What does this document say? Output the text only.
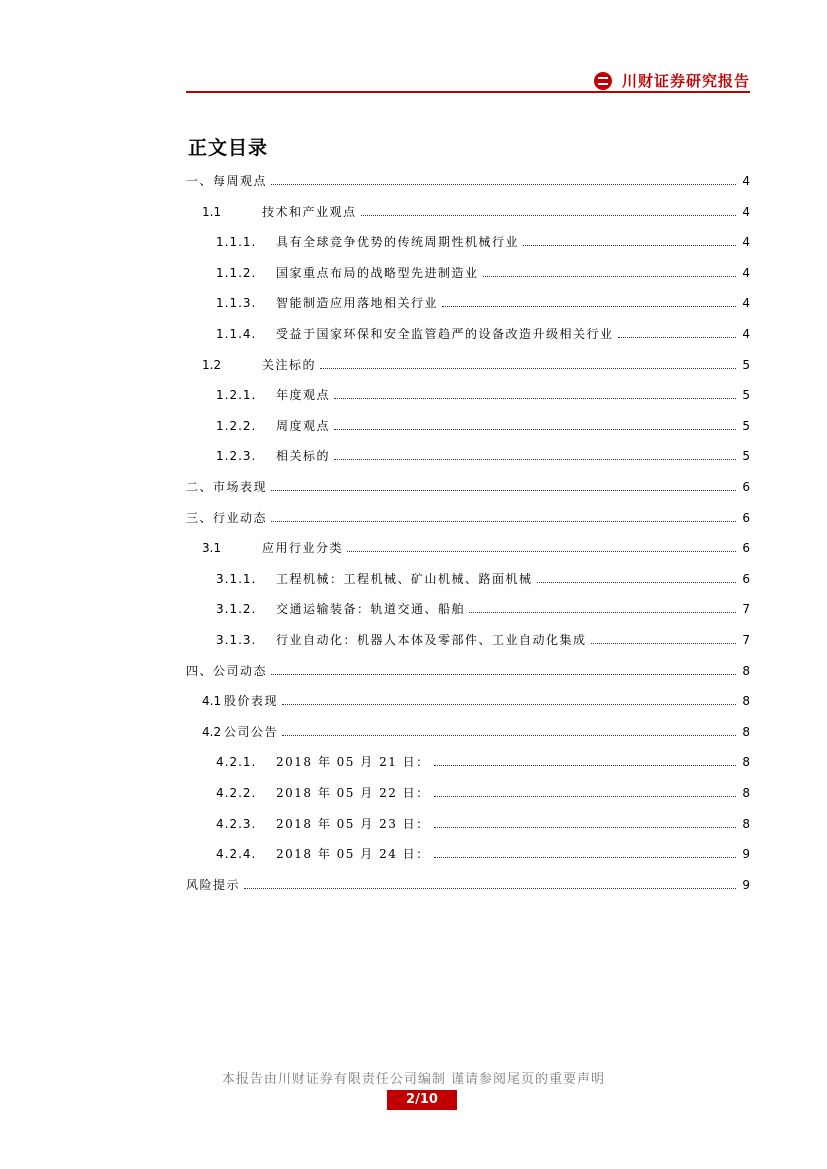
川财证券研究报告
正文目录
一、每周观点	4
1.1	技术和产业观点	4
1.1.1.	具有全球竞争优势的传统周期性机械行业	4
1.1.2.	国家重点布局的战略型先进制造业	4
1.1.3.	智能制造应用落地相关行业	4
1.1.4.	受益于国家环保和安全监管趋严的设备改造升级相关行业	4
1.2	关注标的	5
1.2.1.	年度观点	5
1.2.2.	周度观点	5
1.2.3.	相关标的	5
二、市场表现	6
三、行业动态	6
3.1	应用行业分类	6
3.1.1.	工程机械：工程机械、矿山机械、路面机械	6
3.1.2.	交通运输装备：轨道交通、船舶	7
3.1.3.	行业自动化：机器人本体及零部件、工业自动化集成	7
四、公司动态	8
4.1 股价表现	8
4.2 公司公告	8
4.2.1.	2018 年 05 月 21 日：	8
4.2.2.	2018 年 05 月 22 日：	8
4.2.3.	2018 年 05 月 23 日：	8
4.2.4.	2018 年 05 月 24 日：	9
风险提示	9
本报告由川财证券有限责任公司编制 谨请参阅尾页的重要声明
2/10
